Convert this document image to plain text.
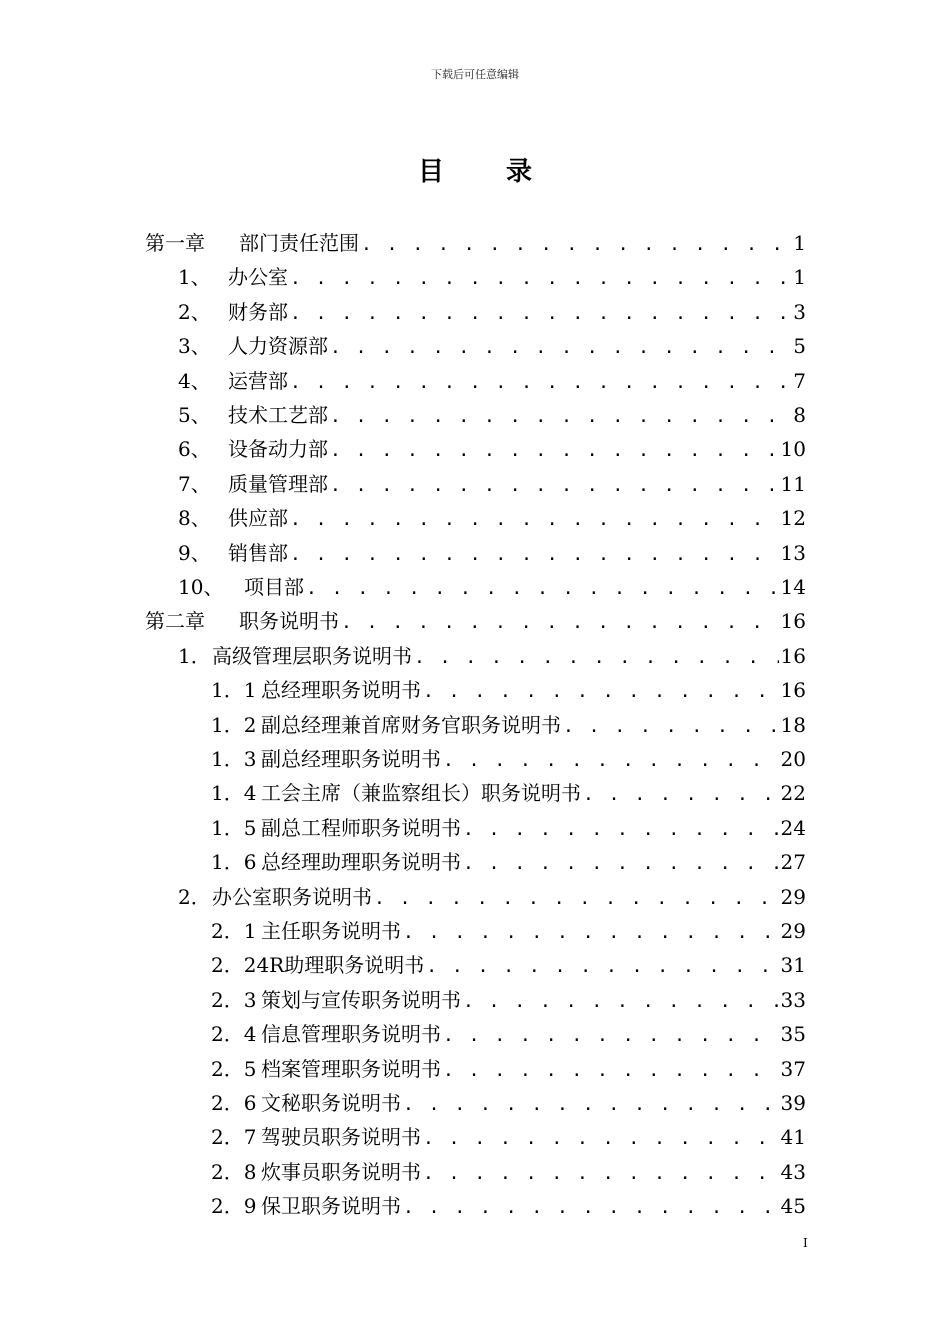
下载后可任意编辑
目录
第一章	部门责任范围 . . .	1
1、 办公室 . . .	1
2、 财务部 . . .	3
3、 人力资源部 . . .	5
4、 运营部 . . .	7
5、 技术工艺部 . . .	8
6、 设备动力部 . . .	10
7、 质量管理部 . . .	11
8、 供应部 . . .	12
9、 销售部 . . .	13
10、	项目部 . . .	14
第二章	职务说明书 . . .	16
1． 高级管理层职务说明书 . . .	16
1．1 总经理职务说明书 . . .	16
1．2 副总经理兼首席财务官职务说明书 . . .	18
1．3 副总经理职务说明书 . . .	20
1．4 工会主席（兼监察组长）职务说明书 . . .	22
1．5 副总工程师职务说明书 . . .	24
1．6 总经理助理职务说明书 . . .	27
2． 办公室职务说明书 . . .	29
2．1 主任职务说明书 . . .	29
2．24R 助理职务说明书 . . .	31
2．3 策划与宣传职务说明书 . . .	33
2．4 信息管理职务说明书 . . .	35
2．5 档案管理职务说明书 . . .	37
2．6 文秘职务说明书 . . .	39
2．7 驾驶员职务说明书 . . .	41
2．8 炊事员职务说明书 . . .	43
2．9 保卫职务说明书 . . .	45
I
